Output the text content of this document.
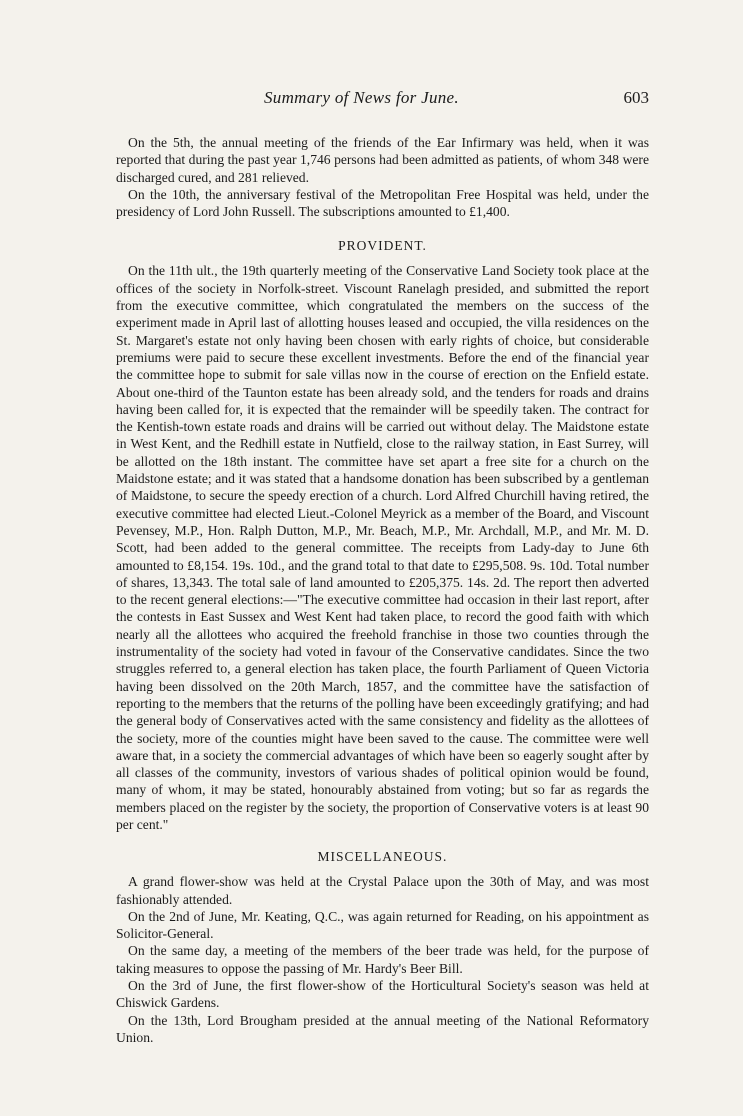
Summary of News for June.	603

On the 5th, the annual meeting of the friends of the Ear Infirmary was held, when it was reported that during the past year 1,746 persons had been admitted as patients, of whom 348 were discharged cured, and 281 relieved.

On the 10th, the anniversary festival of the Metropolitan Free Hospital was held, under the presidency of Lord John Russell. The subscriptions amounted to £1,400.

PROVIDENT.

On the 11th ult., the 19th quarterly meeting of the Conservative Land Society took place at the offices of the society in Norfolk-street. Viscount Ranelagh presided, and submitted the report from the executive committee, which congratulated the members on the success of the experiment made in April last of allotting houses leased and occupied, the villa residences on the St. Margaret's estate not only having been chosen with early rights of choice, but considerable premiums were paid to secure these excellent investments. Before the end of the financial year the committee hope to submit for sale villas now in the course of erection on the Enfield estate. About one-third of the Taunton estate has been already sold, and the tenders for roads and drains having been called for, it is expected that the remainder will be speedily taken. The contract for the Kentish-town estate roads and drains will be carried out without delay. The Maidstone estate in West Kent, and the Redhill estate in Nutfield, close to the railway station, in East Surrey, will be allotted on the 18th instant. The committee have set apart a free site for a church on the Maidstone estate; and it was stated that a handsome donation has been subscribed by a gentleman of Maidstone, to secure the speedy erection of a church. Lord Alfred Churchill having retired, the executive committee had elected Lieut.-Colonel Meyrick as a member of the Board, and Viscount Pevensey, M.P., Hon. Ralph Dutton, M.P., Mr. Beach, M.P., Mr. Archdall, M.P., and Mr. M. D. Scott, had been added to the general committee. The receipts from Lady-day to June 6th amounted to £8,154. 19s. 10d., and the grand total to that date to £295,508. 9s. 10d. Total number of shares, 13,343. The total sale of land amounted to £205,375. 14s. 2d. The report then adverted to the recent general elections:—"The executive committee had occasion in their last report, after the contests in East Sussex and West Kent had taken place, to record the good faith with which nearly all the allottees who acquired the freehold franchise in those two counties through the instrumentality of the society had voted in favour of the Conservative candidates. Since the two struggles referred to, a general election has taken place, the fourth Parliament of Queen Victoria having been dissolved on the 20th March, 1857, and the committee have the satisfaction of reporting to the members that the returns of the polling have been exceedingly gratifying; and had the general body of Conservatives acted with the same consistency and fidelity as the allottees of the society, more of the counties might have been saved to the cause. The committee were well aware that, in a society the commercial advantages of which have been so eagerly sought after by all classes of the community, investors of various shades of political opinion would be found, many of whom, it may be stated, honourably abstained from voting; but so far as regards the members placed on the register by the society, the proportion of Conservative voters is at least 90 per cent."

MISCELLANEOUS.

A grand flower-show was held at the Crystal Palace upon the 30th of May, and was most fashionably attended.

On the 2nd of June, Mr. Keating, Q.C., was again returned for Reading, on his appointment as Solicitor-General.

On the same day, a meeting of the members of the beer trade was held, for the purpose of taking measures to oppose the passing of Mr. Hardy's Beer Bill.

On the 3rd of June, the first flower-show of the Horticultural Society's season was held at Chiswick Gardens.

On the 13th, Lord Brougham presided at the annual meeting of the National Reformatory Union.
